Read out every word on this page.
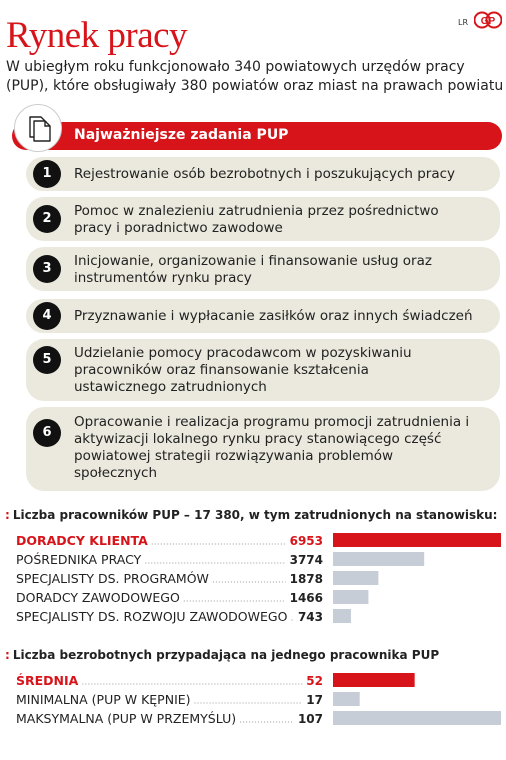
Rynek pracy	LR GP
W ubiegłym roku funkcjonowało 340 powiatowych urzędów pracy (PUP), które obsługiwały 380 powiatów oraz miast na prawach powiatu
Najważniejsze zadania PUP
1	Rejestrowanie osób bezrobotnych i poszukujących pracy
2	Pomoc w znalezieniu zatrudnienia przez pośrednictwo pracy i poradnictwo zawodowe
3	Inicjowanie, organizowanie i finansowanie usług oraz instrumentów rynku pracy
4	Przyznawanie i wypłacanie zasiłków oraz innych świadczeń
5	Udzielanie pomocy pracodawcom w pozyskiwaniu pracowników oraz finansowanie kształcenia ustawicznego zatrudnionych
6
Opracowanie i realizacja programu promocji zatrudnienia i aktywizacji lokalnego rynku pracy stanowiącego część powiatowej strategii rozwiązywania problemów społecznych
: Liczba pracowników PUP – 17 380, w tym zatrudnionych na stanowisku:
DORADCY KLIENTA	6953
POŚREDNIKA PRACY	3774
SPECJALISTY DS. PROGRAMÓW	1878
DORADCY ZAWODOWEGO	1466
SPECJALISTY DS. ROZWOJU ZAWODOWEGO 743
: Liczba bezrobotnych przypadająca na jednego pracownika PUP
ŚREDNIA	52
MINIMALNA (PUP W KĘPNIE)	17
MAKSYMALNA (PUP W PRZEMYŚLU)	107
